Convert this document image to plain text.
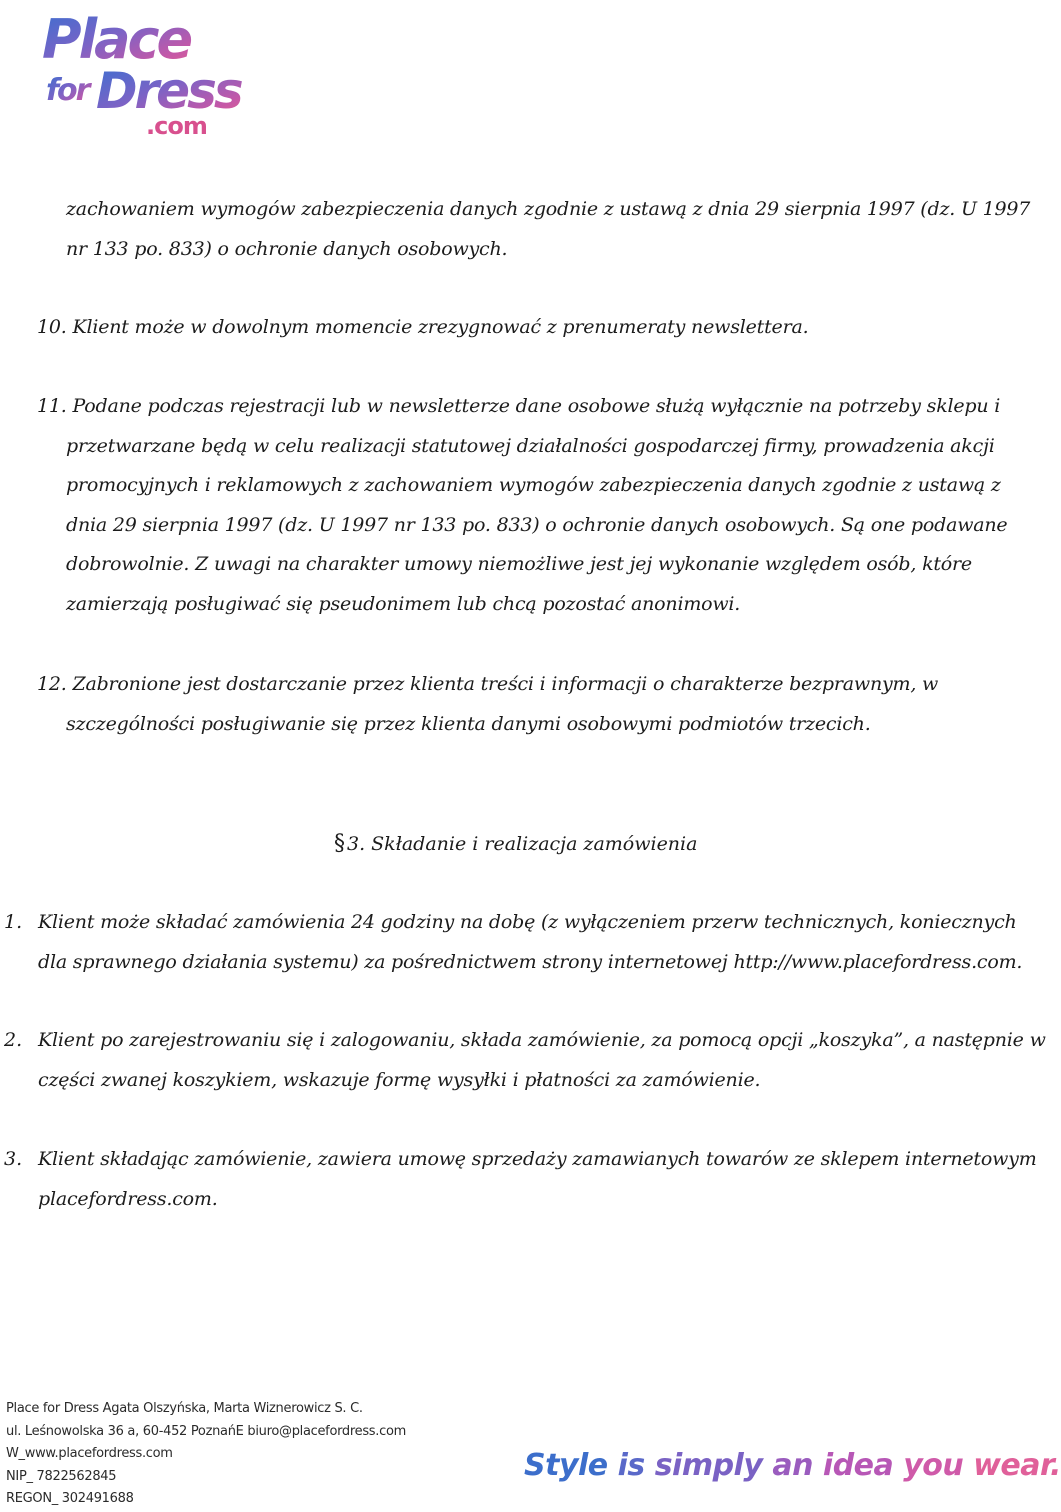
Place
for Dress
.com

zachowaniem wymogów zabezpieczenia danych zgodnie z ustawą z dnia 29 sierpnia 1997 (dz. U 1997
nr 133 po. 833) o ochronie danych osobowych.

10. Klient może w dowolnym momencie zrezygnować z prenumeraty newslettera.

11. Podane podczas rejestracji lub w newsletterze dane osobowe służą wyłącznie na potrzeby sklepu i
przetwarzane będą w celu realizacji statutowej działalności gospodarczej firmy, prowadzenia akcji
promocyjnych i reklamowych z zachowaniem wymogów zabezpieczenia danych zgodnie z ustawą z
dnia 29 sierpnia 1997 (dz. U 1997 nr 133 po. 833) o ochronie danych osobowych. Są one podawane
dobrowolnie. Z uwagi na charakter umowy niemożliwe jest jej wykonanie względem osób, które
zamierzają posługiwać się pseudonimem lub chcą pozostać anonimowi.

12. Zabronione jest dostarczanie przez klienta treści i informacji o charakterze bezprawnym, w
szczególności posługiwanie się przez klienta danymi osobowymi podmiotów trzecich.

§ 3. Składanie i realizacja zamówienia
1. Klient może składać zamówienia 24 godziny na dobę (z wyłączeniem przerw technicznych, koniecznych
dla sprawnego działania systemu) za pośrednictwem strony internetowej http://www.placefordress.com.

2. Klient po zarejestrowaniu się i zalogowaniu, składa zamówienie, za pomocą opcji „koszyka”, a następnie w
części zwanej koszykiem, wskazuje formę wysyłki i płatności za zamówienie.

3. Klient składając zamówienie, zawiera umowę sprzedaży zamawianych towarów ze sklepem internetowym
placefordress.com.

Place for Dress Agata Olszyńska, Marta Wiznerowicz S. C.
ul. Leśnowolska 36 a, 60-452 PoznańE biuro@placefordress.com
W_www.placefordress.com
NIP_ 7822562845
REGON_ 302491688
Style is simply an idea you wear.
